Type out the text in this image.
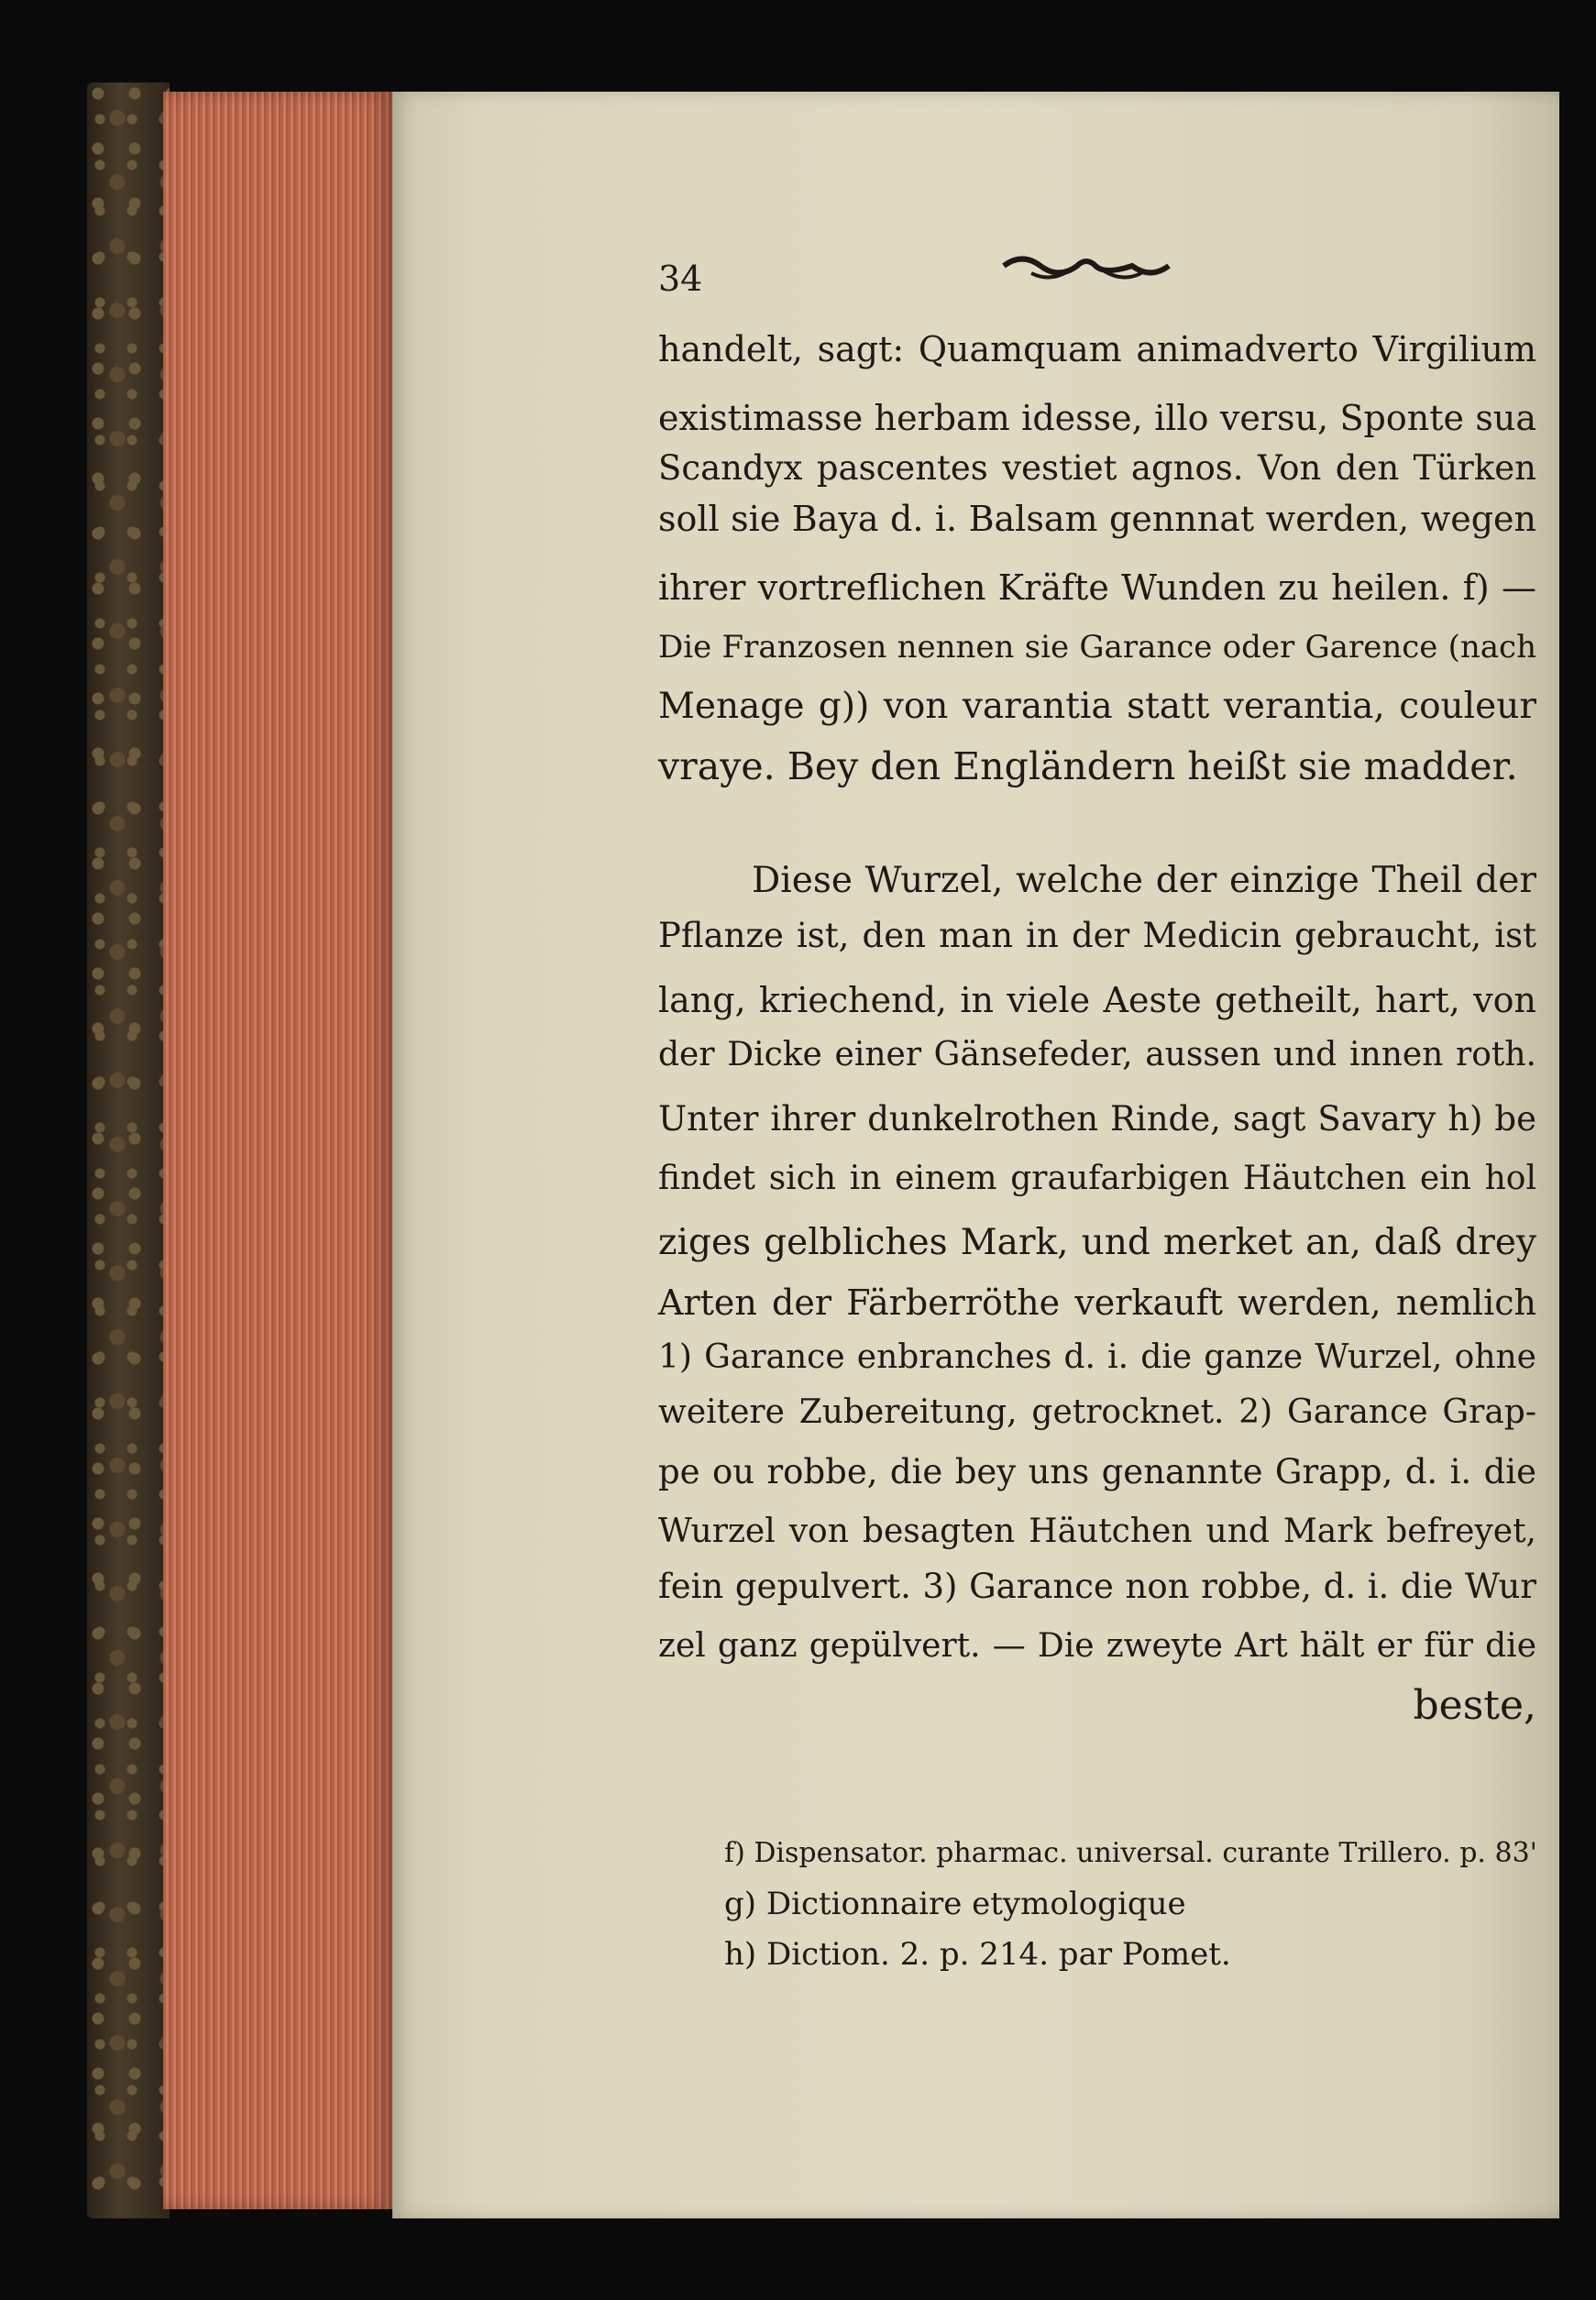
34
handelt, sagt: Quamquam animadverto Virgilium
existimasse herbam idesse, illo versu, Sponte sua
Scandyx pascentes vestiet agnos. Von den Türken
soll sie Baya d. i. Balsam gennnat werden, wegen
ihrer vortreflichen Kräfte Wunden zu heilen. f) —
Die Franzosen nennen sie Garance oder Garence (nach
Menage g)) von varantia statt verantia, couleur
vraye. Bey den Engländern heißt sie madder.
Diese Wurzel, welche der einzige Theil der
Pflanze ist, den man in der Medicin gebraucht, ist
lang, kriechend, in viele Aeste getheilt, hart, von
der Dicke einer Gänsefeder, aussen und innen roth.
Unter ihrer dunkelrothen Rinde, sagt Savary h) be
findet sich in einem graufarbigen Häutchen ein hol
ziges gelbliches Mark, und merket an, daß drey
Arten der Färberröthe verkauft werden, nemlich
1) Garance enbranches d. i. die ganze Wurzel, ohne
weitere Zubereitung, getrocknet. 2) Garance Grap-
pe ou robbe, die bey uns genannte Grapp, d. i. die
Wurzel von besagten Häutchen und Mark befreyet,
fein gepulvert. 3) Garance non robbe, d. i. die Wur
zel ganz gepülvert. — Die zweyte Art hält er für die
beste,
f) Dispensator. pharmac. universal. curante Trillero. p. 83'
g) Dictionnaire etymologique
h) Diction. 2. p. 214. par Pomet.
